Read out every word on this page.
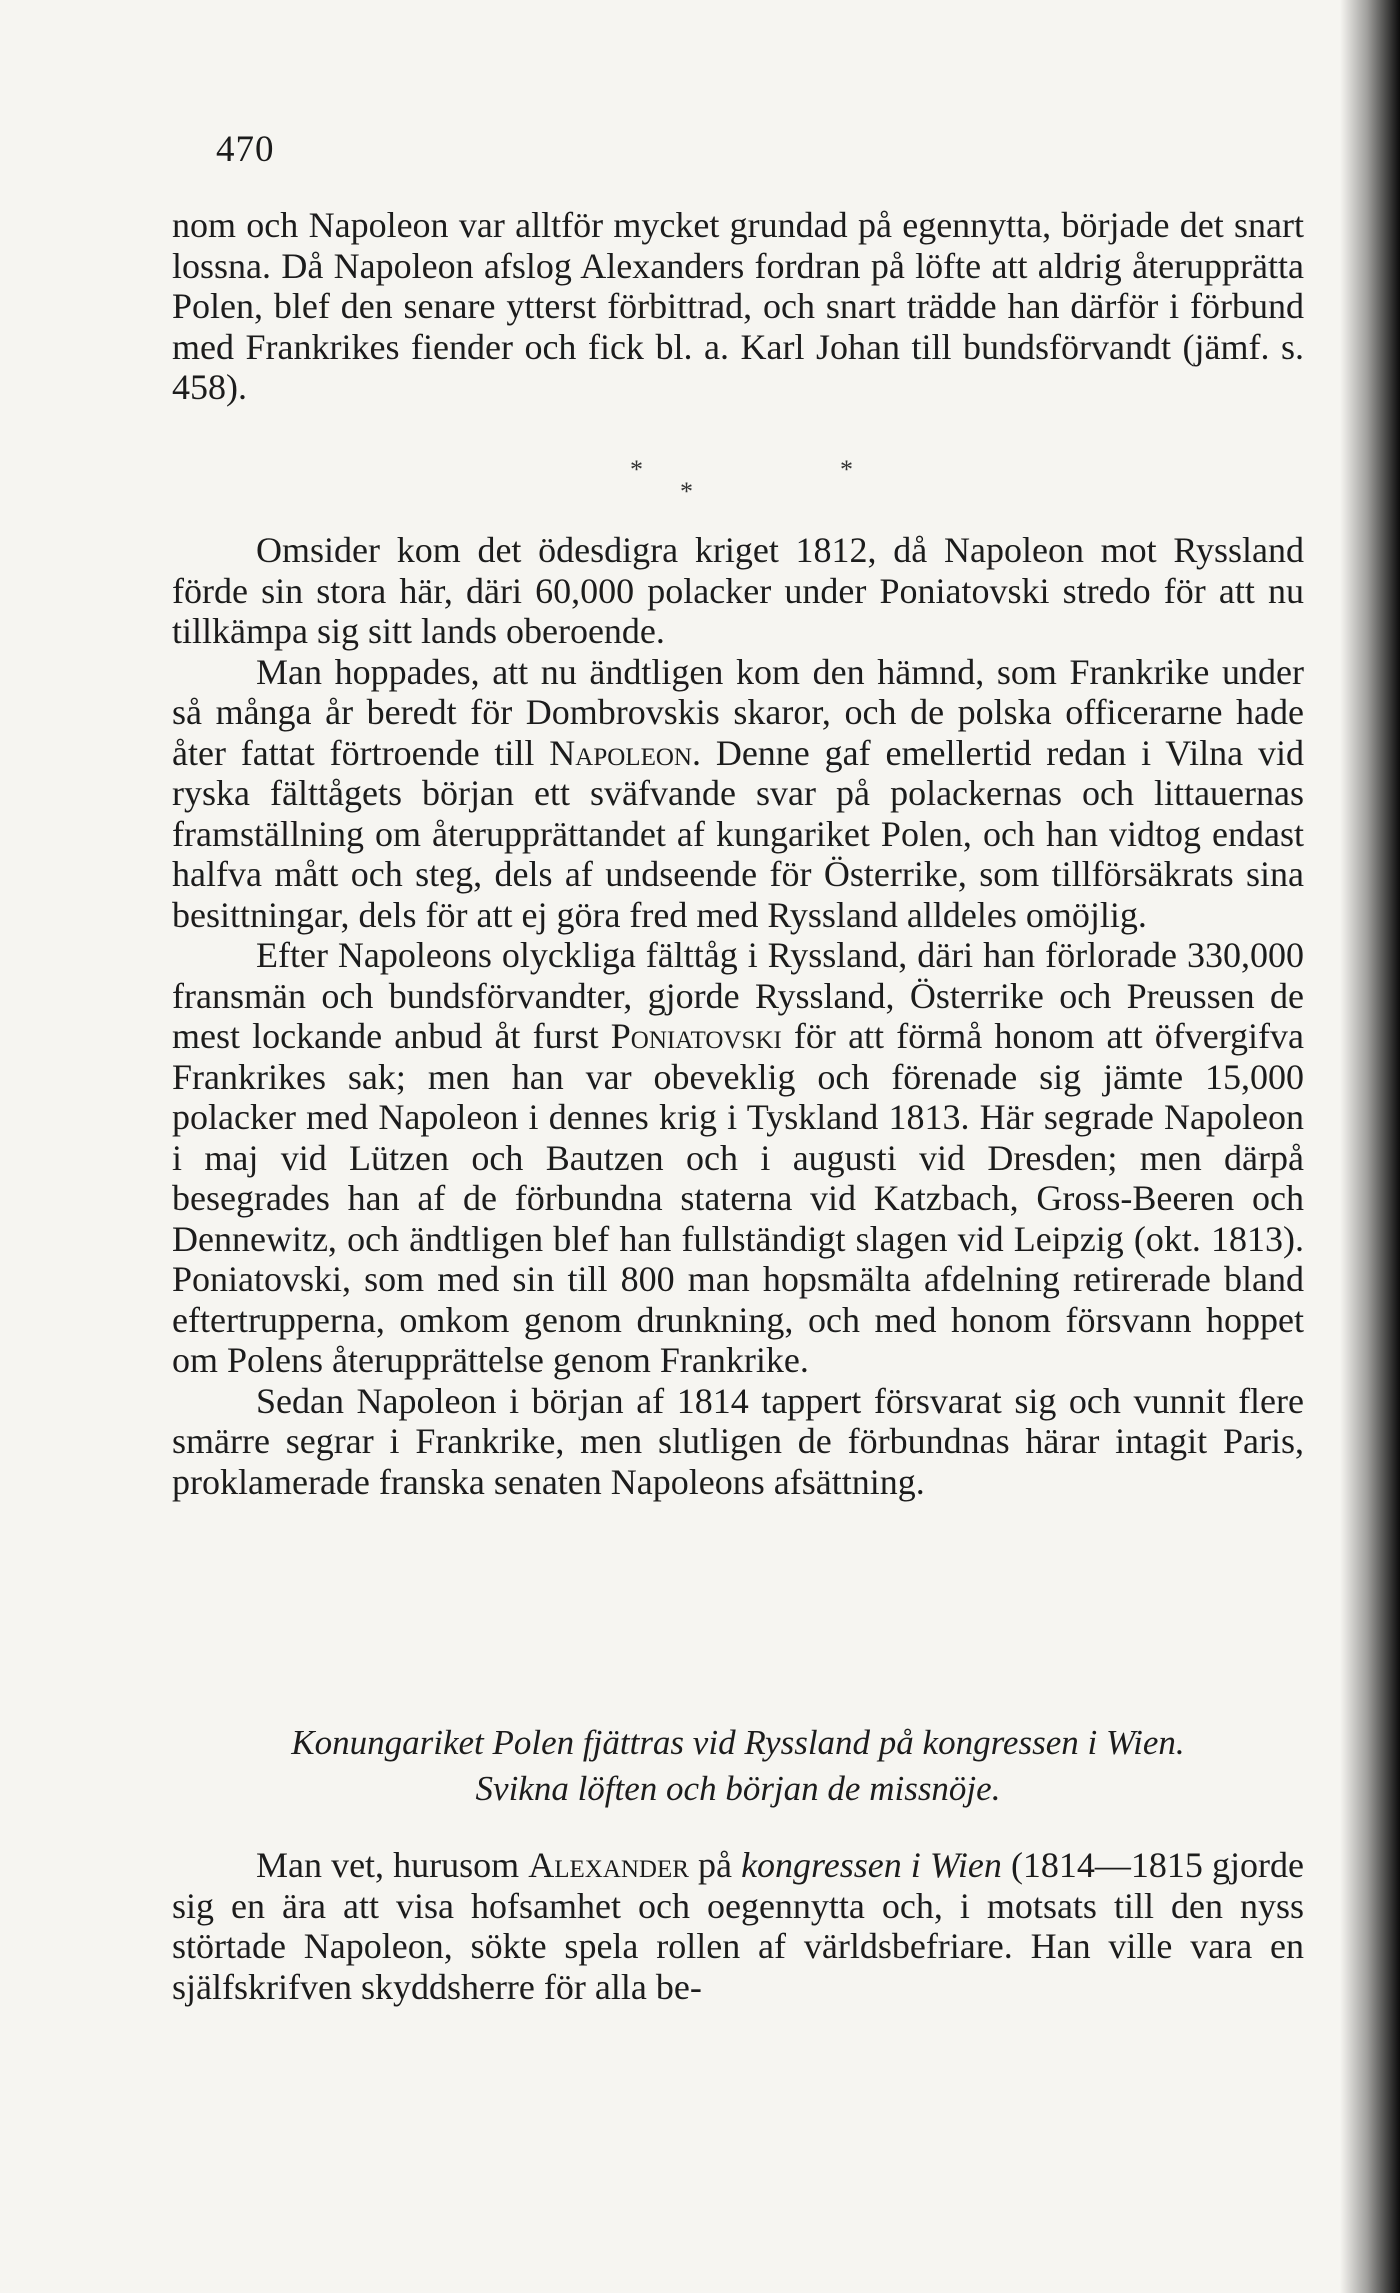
470

nom och Napoleon var alltför mycket grundad på egennytta, började det snart lossna. Då Napoleon afslog Alexanders fordran på löfte att aldrig återupprätta Polen, blef den senare ytterst förbittrad, och snart trädde han därför i förbund med Frankrikes fiender och fick bl. a. Karl Johan till bundsförvandt (jämf. s. 458).

*
*
*

Omsider kom det ödesdigra kriget 1812, då Napoleon mot Ryssland förde sin stora här, däri 60,000 polacker under Poniatovski stredo för att nu tillkämpa sig sitt lands oberoende.

Man hoppades, att nu ändtligen kom den hämnd, som Frankrike under så många år beredt för Dombrovskis skaror, och de polska officerarne hade åter fattat förtroende till Napoleon. Denne gaf emellertid redan i Vilna vid ryska fälttågets början ett sväfvande svar på polackernas och littauernas framställning om återupprättandet af kungariket Polen, och han vidtog endast halfva mått och steg, dels af undseende för Österrike, som tillförsäkrats sina besittningar, dels för att ej göra fred med Ryssland alldeles omöjlig.

Efter Napoleons olyckliga fälttåg i Ryssland, däri han förlorade 330,000 fransmän och bundsförvandter, gjorde Ryssland, Österrike och Preussen de mest lockande anbud åt furst Poniatovski för att förmå honom att öfvergifva Frankrikes sak; men han var obeveklig och förenade sig jämte 15,000 polacker med Napoleon i dennes krig i Tyskland 1813. Här segrade Napoleon i maj vid Lützen och Bautzen och i augusti vid Dresden; men därpå besegrades han af de förbundna staterna vid Katzbach, Gross-Beeren och Dennewitz, och ändtligen blef han fullständigt slagen vid Leipzig (okt. 1813). Poniatovski, som med sin till 800 man hopsmälta afdelning retirerade bland eftertrupperna, omkom genom drunkning, och med honom försvann hoppet om Polens återupprättelse genom Frankrike.

Sedan Napoleon i början af 1814 tappert försvarat sig och vunnit flere smärre segrar i Frankrike, men slutligen de förbundnas härar intagit Paris, proklamerade franska senaten Napoleons afsättning.

Konungariket Polen fjättras vid Ryssland på kongressen i Wien.

Svikna löften och början de missnöje.

Man vet, hurusom Alexander på kongressen i Wien (1814—1815 gjorde sig en ära att visa hofsamhet och oegennytta och, i motsats till den nyss störtade Napoleon, sökte spela rollen af världsbefriare. Han ville vara en själfskrifven skyddsherre för alla be-
